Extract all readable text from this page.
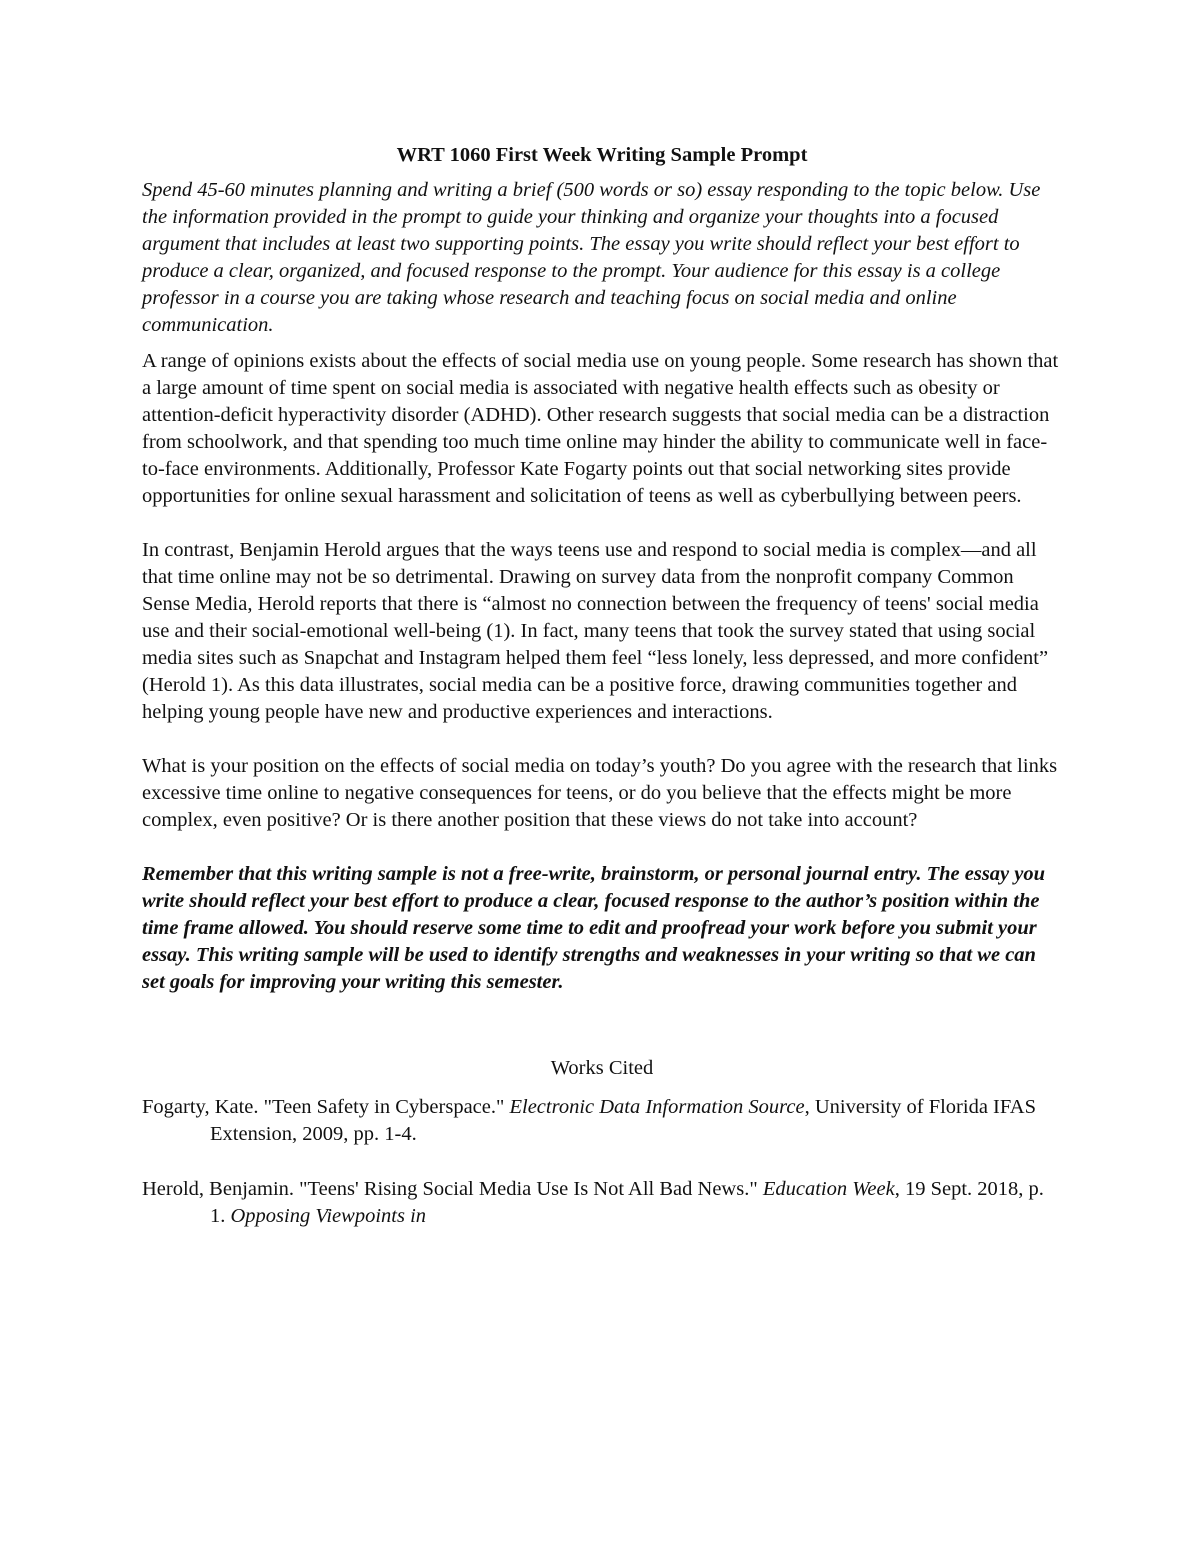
WRT 1060 First Week Writing Sample Prompt
Spend 45-60 minutes planning and writing a brief (500 words or so) essay responding to the topic below. Use the information provided in the prompt to guide your thinking and organize your thoughts into a focused argument that includes at least two supporting points. The essay you write should reflect your best effort to produce a clear, organized, and focused response to the prompt. Your audience for this essay is a college professor in a course you are taking whose research and teaching focus on social media and online communication.
A range of opinions exists about the effects of social media use on young people. Some research has shown that a large amount of time spent on social media is associated with negative health effects such as obesity or attention-deficit hyperactivity disorder (ADHD). Other research suggests that social media can be a distraction from schoolwork, and that spending too much time online may hinder the ability to communicate well in face-to-face environments. Additionally, Professor Kate Fogarty points out that social networking sites provide opportunities for online sexual harassment and solicitation of teens as well as cyberbullying between peers.
In contrast, Benjamin Herold argues that the ways teens use and respond to social media is complex—and all that time online may not be so detrimental. Drawing on survey data from the nonprofit company Common Sense Media, Herold reports that there is “almost no connection between the frequency of teens' social media use and their social-emotional well-being (1). In fact, many teens that took the survey stated that using social media sites such as Snapchat and Instagram helped them feel “less lonely, less depressed, and more confident” (Herold 1). As this data illustrates, social media can be a positive force, drawing communities together and helping young people have new and productive experiences and interactions.
What is your position on the effects of social media on today’s youth? Do you agree with the research that links excessive time online to negative consequences for teens, or do you believe that the effects might be more complex, even positive? Or is there another position that these views do not take into account?
Remember that this writing sample is not a free-write, brainstorm, or personal journal entry. The essay you write should reflect your best effort to produce a clear, focused response to the author’s position within the time frame allowed. You should reserve some time to edit and proofread your work before you submit your essay. This writing sample will be used to identify strengths and weaknesses in your writing so that we can set goals for improving your writing this semester.
Works Cited
Fogarty, Kate. "Teen Safety in Cyberspace." Electronic Data Information Source, University of Florida IFAS Extension, 2009, pp. 1-4.
Herold, Benjamin. "Teens' Rising Social Media Use Is Not All Bad News." Education Week, 19 Sept. 2018, p. 1. Opposing Viewpoints in
